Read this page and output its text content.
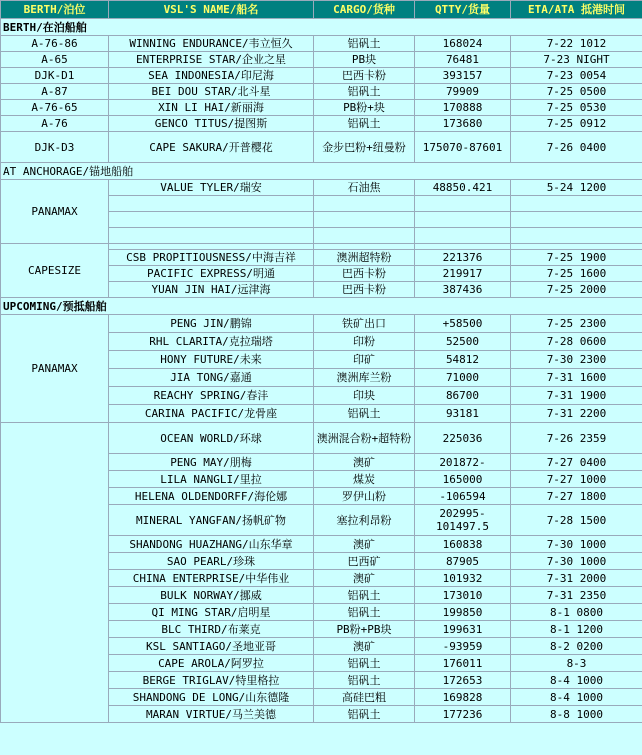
BERTH/泊位	VSL'S NAME/船名	CARGO/货种	QTTY/货量	ETA/ATA 抵港时间
BERTH/在泊船舶				
A-76-86	WINNING ENDURANCE/韦立恒久	铝矾土	168024	7-22 1012
A-65	ENTERPRISE STAR/企业之星	PB块	76481	7-23 NIGHT
DJK-D1	SEA INDONESIA/印尼海	巴西卡粉	393157	7-23 0054
A-87	BEI DOU STAR/北斗星	铝矾土	79909	7-25 0500
A-76-65	XIN LI HAI/新丽海	PB粉+块	170888	7-25 0530
A-76	GENCO TITUS/提图斯	铝矾土	173680	7-25 0912
DJK-D3	CAPE SAKURA/开普樱花	金步巴粉+纽曼粉	175070-87601	7-26 0400
AT ANCHORAGE/锚地船舶				
PANAMAX	VALUE TYLER/瑞安	石油焦	48850.421	5-24 1200

CAPESIZE				
	CSB PROPITIOUSNESS/中海吉祥	澳洲超特粉	221376	7-25 1900
	PACIFIC EXPRESS/明通	巴西卡粉	219917	7-25 1600
	YUAN JIN HAI/远津海	巴西卡粉	387436	7-25 2000
UPCOMING/预抵船舶				
PANAMAX	PENG JIN/鹏锦	铁矿出口	+58500	7-25 2300
	RHL CLARITA/克拉瑞塔	印粉	52500	7-28 0600
	HONY FUTURE/未来	印矿	54812	7-30 2300
	JIA TONG/嘉通	澳洲库兰粉	71000	7-31 1600
	REACHY SPRING/春沣	印块	86700	7-31 1900
	CARINA PACIFIC/龙骨座	铝矾土	93181	7-31 2200
	OCEAN WORLD/环球	澳洲混合粉+超特粉	225036	7-26 2359
	PENG MAY/朋梅	澳矿	201872-	7-27 0400
	LILA NANGLI/里拉	煤炭	165000	7-27 1000
	HELENA OLDENDORFF/海伦娜	罗伊山粉	-106594	7-27 1800
	MINERAL YANGFAN/扬帆矿物	塞拉利昂粉	202995-101497.5	7-28 1500
	SHANDONG HUAZHANG/山东华章	澳矿	160838	7-30 1000
	SAO PEARL/珍珠	巴西矿	87905	7-30 1000
	CHINA ENTERPRISE/中华伟业	澳矿	101932	7-31 2000
	BULK NORWAY/挪威	铝矾土	173010	7-31 2350
	QI MING STAR/启明星	铝矾土	199850	8-1 0800
	BLC THIRD/布莱克	PB粉+PB块	199631	8-1 1200
	KSL SANTIAGO/圣地亚哥	澳矿	-93959	8-2 0200
	CAPE AROLA/阿罗拉	铝矾土	176011	8-3
	BERGE TRIGLAV/特里格拉	铝矾土	172653	8-4 1000
	SHANDONG DE LONG/山东德隆	高硅巴粗	169828	8-4 1000
	MARAN VIRTUE/马兰美德	铝矾土	177236	8-8 1000
